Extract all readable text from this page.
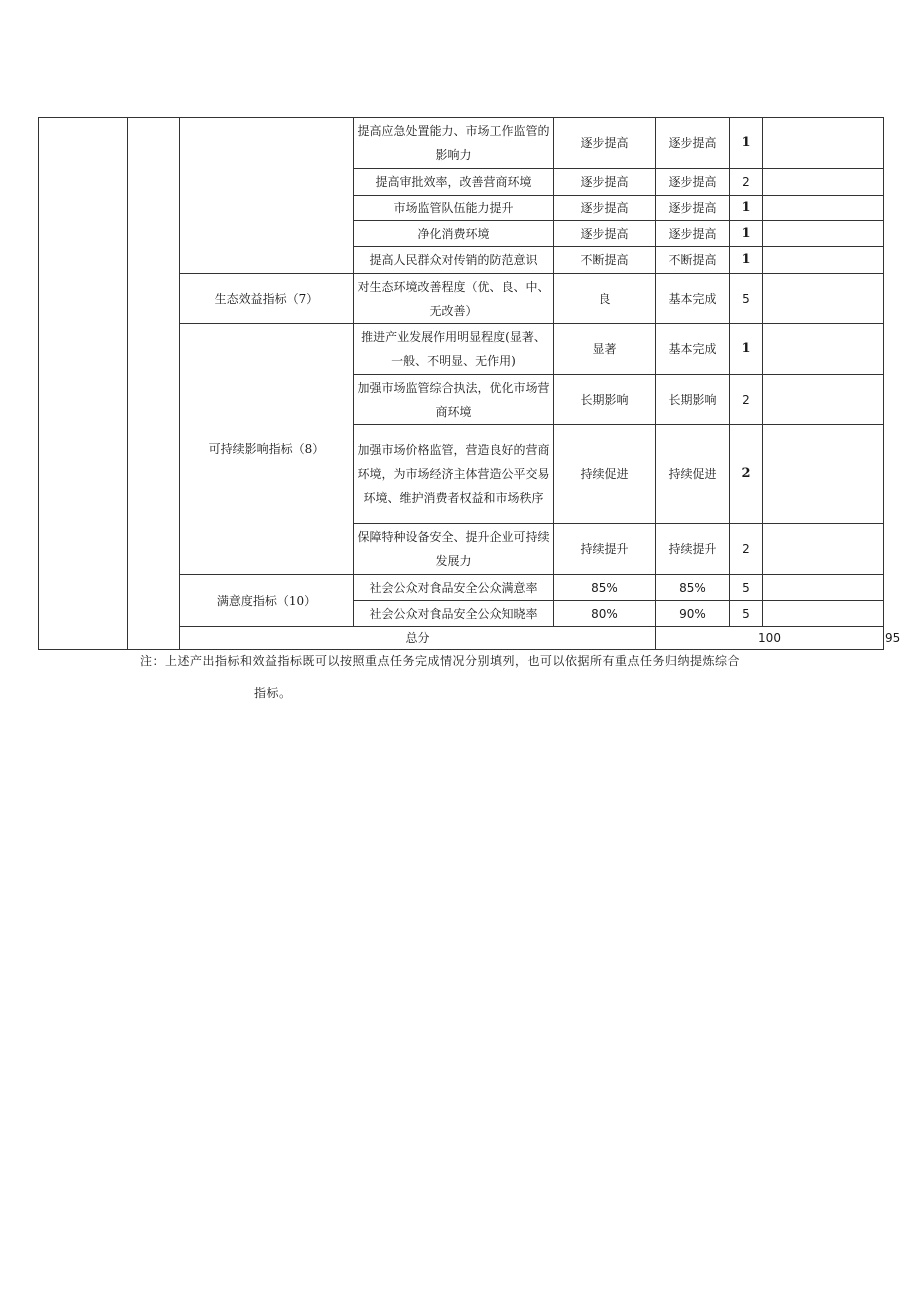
			提高应急处置能力、市场工作监管的影响力	逐步提高	逐步提高	1		
			提高审批效率，改善营商环境	逐步提高	逐步提高	2		
			市场监管队伍能力提升	逐步提高	逐步提高	1		
			净化消费环境	逐步提高	逐步提高	1		
			提高人民群众对传销的防范意识	不断提高	不断提高	1		
		生态效益指标（7）	对生态环境改善程度（优、良、中、无改善）	良	基本完成	5		
		可持续影响指标（8）	推进产业发展作用明显程度(显著、一般、不明显、无作用)	显著	基本完成	1		
			加强市场监管综合执法，优化市场营商环境	长期影响	长期影响	2		
			加强市场价格监管，营造良好的营商环境，为市场经济主体营造公平交易环境、维护消费者权益和市场秩序	持续促进	持续促进	2		
			保障特种设备安全、提升企业可持续发展力	持续提升	持续提升	2		
		满意度指标（10）	社会公众对食品安全公众满意率	85%	85%	5		
			社会公众对食品安全公众知晓率	80%	90%	5		
		总分			100			95	
注：上述产出指标和效益指标既可以按照重点任务完成情况分别填列，也可以依据所有重点任务归纳提炼综合
指标。
